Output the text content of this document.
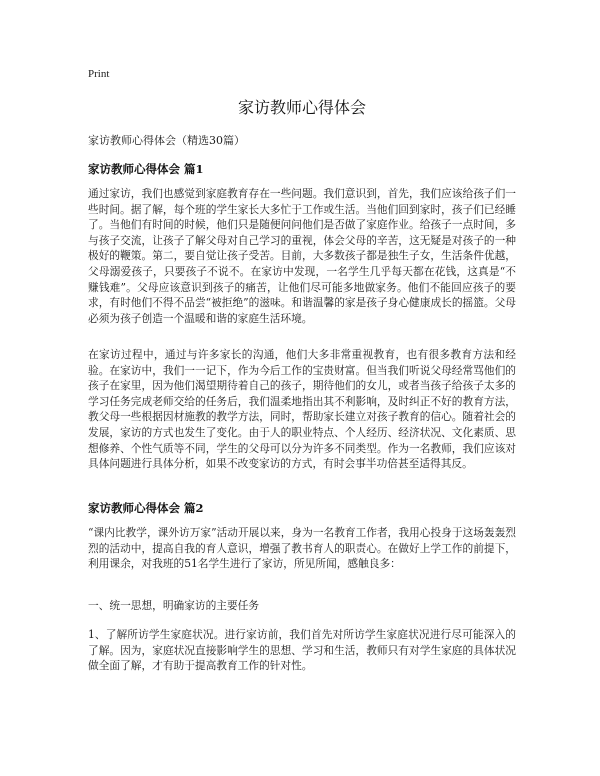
Print
家访教师心得体会
家访教师心得体会（精选30篇）
家访教师心得体会 篇1

通过家访，我们也感觉到家庭教育存在一些问题。我们意识到，首先，我们应该给孩子们一些时间。据了解，每个班的学生家长大多忙于工作或生活。当他们回到家时，孩子们已经睡了。当他们有时间的时候，他们只是随便问问他们是否做了家庭作业。给孩子一点时间，多与孩子交流，让孩子了解父母对自己学习的重视，体会父母的辛苦，这无疑是对孩子的一种极好的鞭策。第二，要自觉让孩子受苦。目前，大多数孩子都是独生子女，生活条件优越，父母溺爱孩子，只要孩子不说不。在家访中发现，一名学生几乎每天都在花钱，这真是“不赚钱难”。父母应该意识到孩子的痛苦，让他们尽可能多地做家务。他们不能回应孩子的要求，有时他们不得不品尝“被拒绝”的滋味。和谐温馨的家是孩子身心健康成长的摇篮。父母必须为孩子创造一个温暖和谐的家庭生活环境。

在家访过程中，通过与许多家长的沟通，他们大多非常重视教育，也有很多教育方法和经验。在家访中，我们一一记下，作为今后工作的宝贵财富。但当我们听说父母经常骂他们的孩子在家里，因为他们渴望期待着自己的孩子，期待他们的女儿，或者当孩子给孩子太多的学习任务完成老师交给的任务后，我们温柔地指出其不利影响，及时纠正不好的教育方法，教父母一些根据因材施教的教学方法，同时，帮助家长建立对孩子教育的信心。随着社会的发展，家访的方式也发生了变化。由于人的职业特点、个人经历、经济状况、文化素质、思想修养、个性气质等不同，学生的父母可以分为许多不同类型。作为一名教师，我们应该对具体问题进行具体分析，如果不改变家访的方式，有时会事半功倍甚至适得其反。

家访教师心得体会 篇2

“课内比教学，课外访万家”活动开展以来，身为一名教育工作者，我用心投身于这场轰轰烈烈的活动中，提高自我的育人意识，增强了教书育人的职责心。在做好上学工作的前提下，利用课余，对我班的51名学生进行了家访，所见所闻，感触良多：

一、统一思想，明确家访的主要任务

1、了解所访学生家庭状况。进行家访前，我们首先对所访学生家庭状况进行尽可能深入的了解。因为，家庭状况直接影响学生的思想、学习和生活，教师只有对学生家庭的具体状况做全面了解，才有助于提高教育工作的针对性。
